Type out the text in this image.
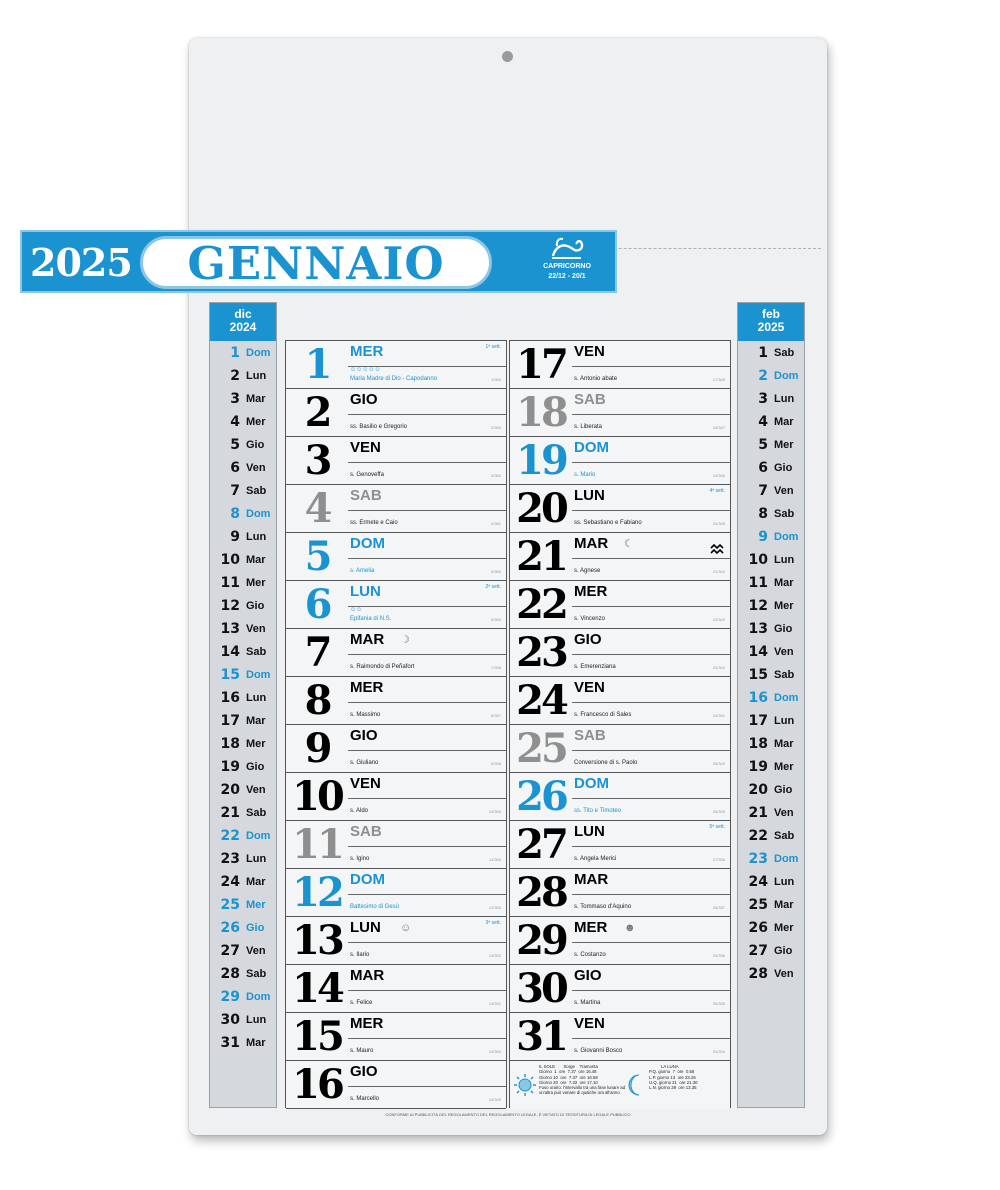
2025	GENNAIO	CAPRICORNO
22/12 - 20/1
dic
2024
1 Dom
2 Lun
3 Mar
4 Mer
5 Gio
6 Ven
7 Sab
8 Dom
9 Lun
10 Mar
11 Mer
12 Gio
13 Ven
14 Sab
15 Dom
16 Lun
17 Mar
18 Mer
19 Gio
20 Ven
21 Sab
22 Dom
23 Lun
24 Mar
25 Mer
26 Gio
27 Ven
28 Sab
29 Dom
30 Lun
31 Mar
1	MER	1ª sett.
☺☺☺☺☺
Maria Madre di Dio - Capodanno	1/364
2	GIO
ss. Basilio e Gregorio	2/363
3	VEN
s. Genoveffa	3/362
4	SAB
ss. Ermete e Caio	4/361
5	DOM
s. Amelia	5/360
6	LUN	2ª sett.
☺☺
Epifania di N.S.	6/359
7	MAR ☽
s. Raimondo di Peñafort	7/358
8	MER
s. Massimo	8/357
9	GIO
s. Giuliano	9/356
10 VEN
s. Aldo	10/355
11 SAB
s. Igino	11/354
12 DOM
Battesimo di Gesù	12/353
13 LUN	3ª sett.
☺
s. Ilario	13/352
14 MAR
s. Felice	14/351
15 MER
s. Mauro	15/350
16 GIO
s. Marcello	16/349
17 VEN
s. Antonio abate	17/348
18 SAB
s. Liberata	18/347
19 DOM
s. Mario	19/346
20 LUN	4ª sett.
ss. Sebastiano e Fabiano	20/345
21 MAR ☾
s. Agnese	21/344
22 MER
s. Vincenzo	22/343
23 GIO
s. Emerenziana	23/342
24 VEN
s. Francesco di Sales	24/341
25 SAB
Conversione di s. Paolo	25/340
26 DOM
ss. Tito e Timoteo	26/339
27 LUN	5ª sett.
s. Angela Merici	27/338
28 MAR
s. Tommaso d'Aquino	28/337
29 MER ☻
s. Costanzo	29/336
30 GIO
s. Martina	30/335
31 VEN
s. Giovanni Bosco	31/334
IL SOLE       Sorge    Tramonta
Giorno  1  ore  7.37  ore 16.48
Giorno 10  ore  7.37  ore 16.58
Giorno 20  ore  7.32  ore 17.10
Fuso orario: l'intervallo tra una fase lunare ad
un'altra può variare di qualche ora all'anno
LA LUNA
P.Q. giorno  7  ore  0.56
L.P. giorno 13  ore 23.26
U.Q. giorno 21  ore 21.30
L.N. giorno 29  ore 13.35
feb
2025
1 Sab
2 Dom
3 Lun
4 Mar
5 Mer
6 Gio
7 Ven
8 Sab
9 Dom
10 Lun
11 Mar
12 Mer
13 Gio
14 Ven
15 Sab
16 Dom
17 Lun
18 Mar
19 Mer
20 Gio
21 Ven
22 Sab
23 Dom
24 Lun
25 Mar
26 Mer
27 Gio
28 Ven
CONFORME AI PUBBLICITÀ DEL REGOLAMENTO DEL REGOLAMENTO LEGALE. È VIETATO DI TESSITURA DI LEGALE PUBBLICO
